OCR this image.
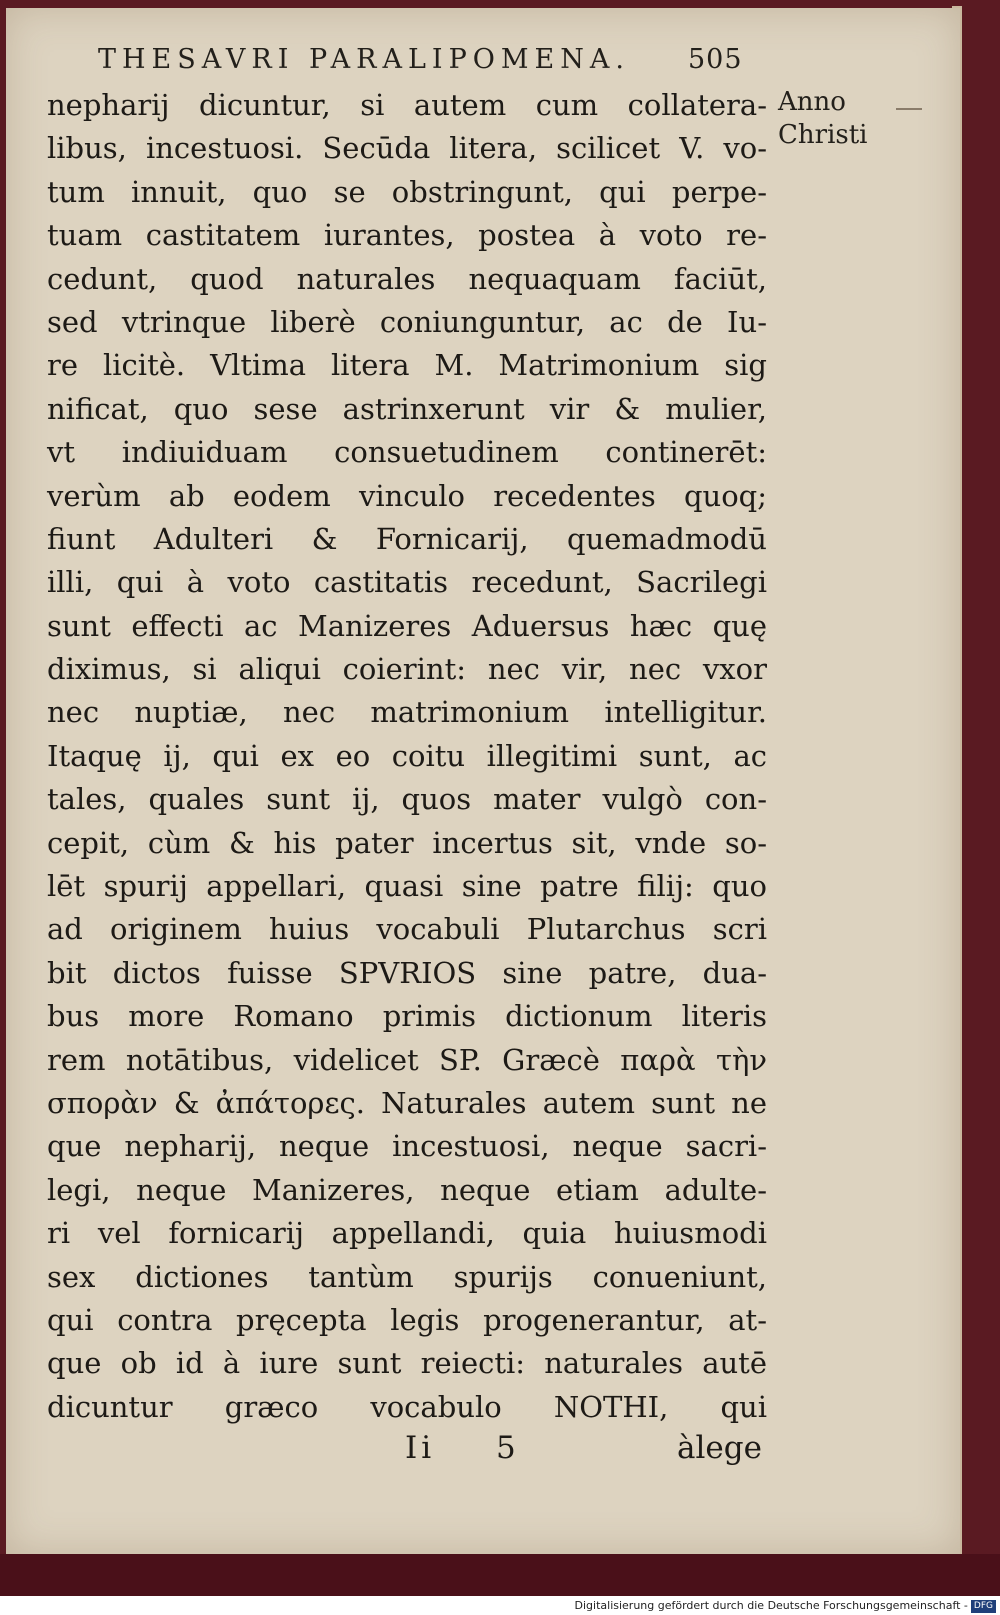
THESAVRI PARALIPOMENA. 505
Anno
Christi
nepharij dicuntur, si autem cum collatera-
libus, incestuosi. Secūda litera, scilicet V. vo-
tum innuit, quo se obstringunt, qui perpe-
tuam castitatem iurantes, postea à voto re-
cedunt, quod naturales nequaquam faciūt,
sed vtrinque liberè coniunguntur, ac de Iu-
re licitè. Vltima litera M. Matrimonium sig
nificat, quo sese astrinxerunt vir & mulier,
vt indiuiduam consuetudinem continerēt:
verùm ab eodem vinculo recedentes quoq;
fiunt Adulteri & Fornicarij, quemadmodū
illi, qui à voto castitatis recedunt, Sacrilegi
sunt effecti ac Manizeres Aduersus hæc quę
diximus, si aliqui coierint: nec vir, nec vxor
nec nuptiæ, nec matrimonium intelligitur.
Itaquę ij, qui ex eo coitu illegitimi sunt, ac
tales, quales sunt ij, quos mater vulgò con-
cepit, cùm & his pater incertus sit, vnde so-
lēt spurij appellari, quasi sine patre filij: quo
ad originem huius vocabuli Plutarchus scri
bit dictos fuisse SPVRIOS sine patre, dua-
bus more Romano primis dictionum literis
rem notātibus, videlicet SP. Græcè παρὰ τὴν
σπορὰν & ἀπάτορες. Naturales autem sunt ne
que nepharij, neque incestuosi, neque sacri-
legi, neque Manizeres, neque etiam adulte-
ri vel fornicarij appellandi, quia huiusmodi
sex dictiones tantùm spurijs conueniunt,
qui contra pręcepta legis progenerantur, at-
que ob id à iure sunt reiecti: naturales autē
dicuntur græco vocabulo NOTHI, qui
Ii 5	àlege
Digitalisierung gefördert durch die Deutsche Forschungsgemeinschaft - DFG
